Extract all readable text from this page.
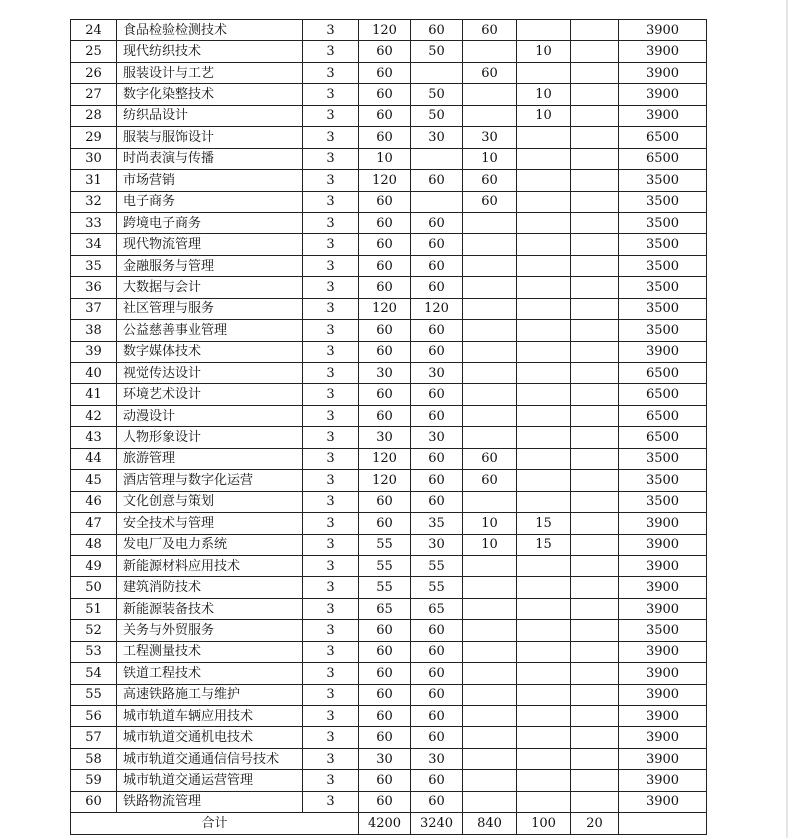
24	食品检验检测技术	3	120	60	60			3900
25	现代纺织技术	3	60	50		10		3900
26	服装设计与工艺	3	60		60			3900
27	数字化染整技术	3	60	50		10		3900
28	纺织品设计	3	60	50		10		3900
29	服装与服饰设计	3	60	30	30			6500
30	时尚表演与传播	3	10		10			6500
31	市场营销	3	120	60	60			3500
32	电子商务	3	60		60			3500
33	跨境电子商务	3	60	60				3500
34	现代物流管理	3	60	60				3500
35	金融服务与管理	3	60	60				3500
36	大数据与会计	3	60	60				3500
37	社区管理与服务	3	120	120				3500
38	公益慈善事业管理	3	60	60				3500
39	数字媒体技术	3	60	60				3900
40	视觉传达设计	3	30	30				6500
41	环境艺术设计	3	60	60				6500
42	动漫设计	3	60	60				6500
43	人物形象设计	3	30	30				6500
44	旅游管理	3	120	60	60			3500
45	酒店管理与数字化运营	3	120	60	60			3500
46	文化创意与策划	3	60	60				3500
47	安全技术与管理	3	60	35	10	15		3900
48	发电厂及电力系统	3	55	30	10	15		3900
49	新能源材料应用技术	3	55	55				3900
50	建筑消防技术	3	55	55				3900
51	新能源装备技术	3	65	65				3900
52	关务与外贸服务	3	60	60				3500
53	工程测量技术	3	60	60				3900
54	铁道工程技术	3	60	60				3900
55	高速铁路施工与维护	3	60	60				3900
56	城市轨道车辆应用技术	3	60	60				3900
57	城市轨道交通机电技术	3	60	60				3900
58	城市轨道交通通信信号技术	3	30	30				3900
59	城市轨道交通运营管理	3	60	60				3900
60	铁路物流管理	3	60	60				3900
合计			4200	3240	840	100	20	
